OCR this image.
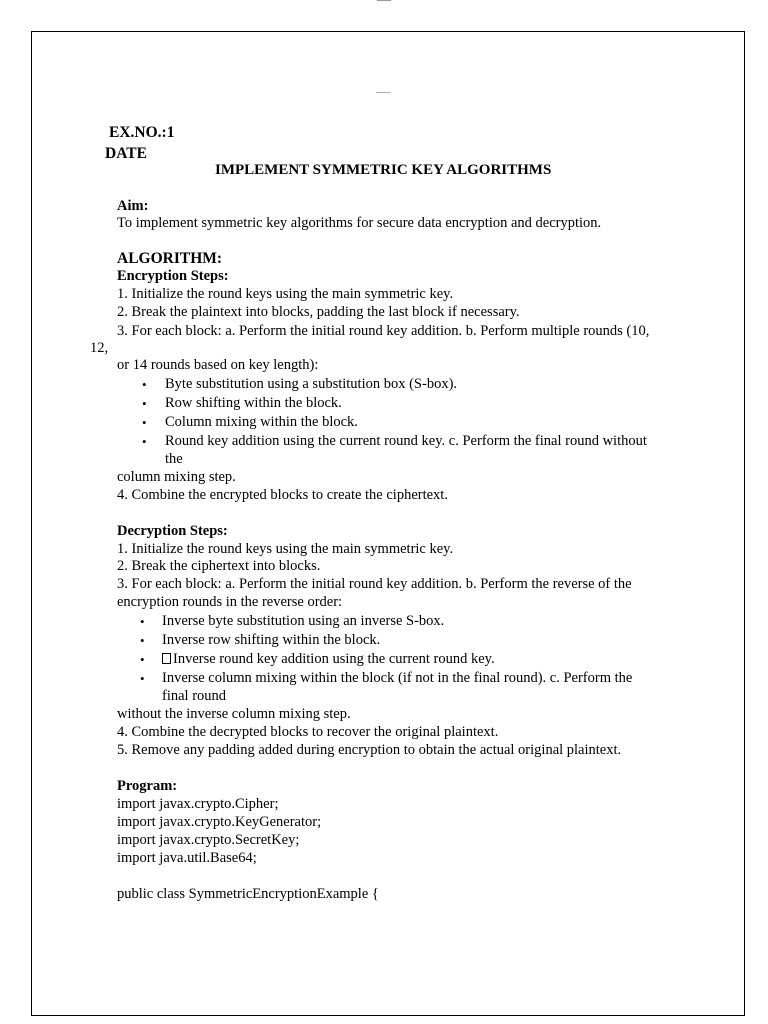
EX.NO.:1
DATE
IMPLEMENT SYMMETRIC KEY ALGORITHMS
Aim:
To implement symmetric key algorithms for secure data encryption and decryption.
ALGORITHM:
Encryption Steps:
1. Initialize the round keys using the main symmetric key.
2. Break the plaintext into blocks, padding the last block if necessary.
3. For each block: a. Perform the initial round key addition. b. Perform multiple rounds (10,
12,
or 14 rounds based on key length):
• Byte substitution using a substitution box (S-box).
• Row shifting within the block.
• Column mixing within the block.
• Round key addition using the current round key. c. Perform the final round without
the
column mixing step.
4. Combine the encrypted blocks to create the ciphertext.
Decryption Steps:
1. Initialize the round keys using the main symmetric key.
2. Break the ciphertext into blocks.
3. For each block: a. Perform the initial round key addition. b. Perform the reverse of the
encryption rounds in the reverse order:
• Inverse byte substitution using an inverse S-box.
• Inverse row shifting within the block.
•	Inverse round key addition using the current round key.
• Inverse column mixing within the block (if not in the final round). c. Perform the
final round
without the inverse column mixing step.
4. Combine the decrypted blocks to recover the original plaintext.
5. Remove any padding added during encryption to obtain the actual original plaintext.
Program:
import javax.crypto.Cipher;
import javax.crypto.KeyGenerator;
import javax.crypto.SecretKey;
import java.util.Base64;
public class SymmetricEncryptionExample {
